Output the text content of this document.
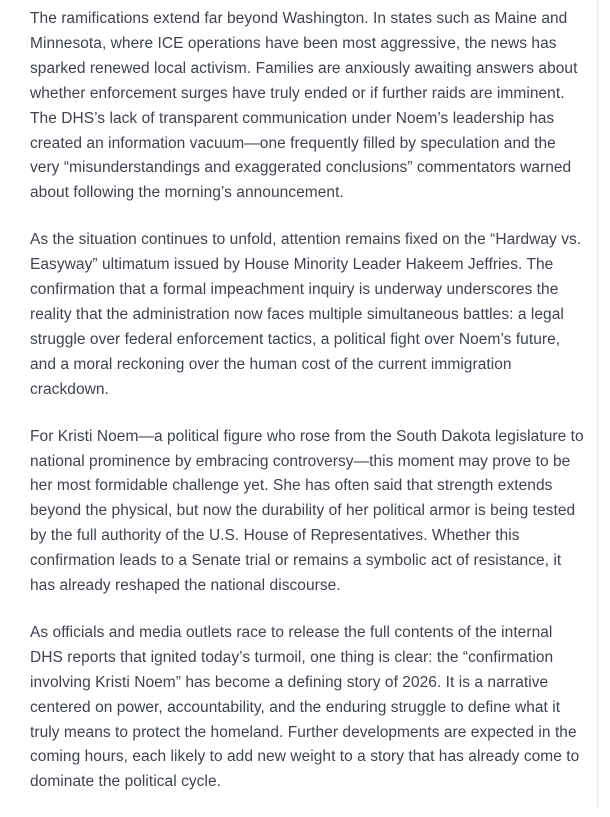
The ramifications extend far beyond Washington. In states such as Maine and
Minnesota, where ICE operations have been most aggressive, the news has
sparked renewed local activism. Families are anxiously awaiting answers about
whether enforcement surges have truly ended or if further raids are imminent.
The DHS’s lack of transparent communication under Noem’s leadership has
created an information vacuum—one frequently filled by speculation and the
very “misunderstandings and exaggerated conclusions” commentators warned
about following the morning’s announcement.

As the situation continues to unfold, attention remains fixed on the “Hardway vs.
Easyway” ultimatum issued by House Minority Leader Hakeem Jeffries. The
confirmation that a formal impeachment inquiry is underway underscores the
reality that the administration now faces multiple simultaneous battles: a legal
struggle over federal enforcement tactics, a political fight over Noem’s future,
and a moral reckoning over the human cost of the current immigration
crackdown.

For Kristi Noem—a political figure who rose from the South Dakota legislature to
national prominence by embracing controversy—this moment may prove to be
her most formidable challenge yet. She has often said that strength extends
beyond the physical, but now the durability of her political armor is being tested
by the full authority of the U.S. House of Representatives. Whether this
confirmation leads to a Senate trial or remains a symbolic act of resistance, it
has already reshaped the national discourse.

As officials and media outlets race to release the full contents of the internal
DHS reports that ignited today’s turmoil, one thing is clear: the “confirmation
involving Kristi Noem” has become a defining story of 2026. It is a narrative
centered on power, accountability, and the enduring struggle to define what it
truly means to protect the homeland. Further developments are expected in the
coming hours, each likely to add new weight to a story that has already come to
dominate the political cycle.
